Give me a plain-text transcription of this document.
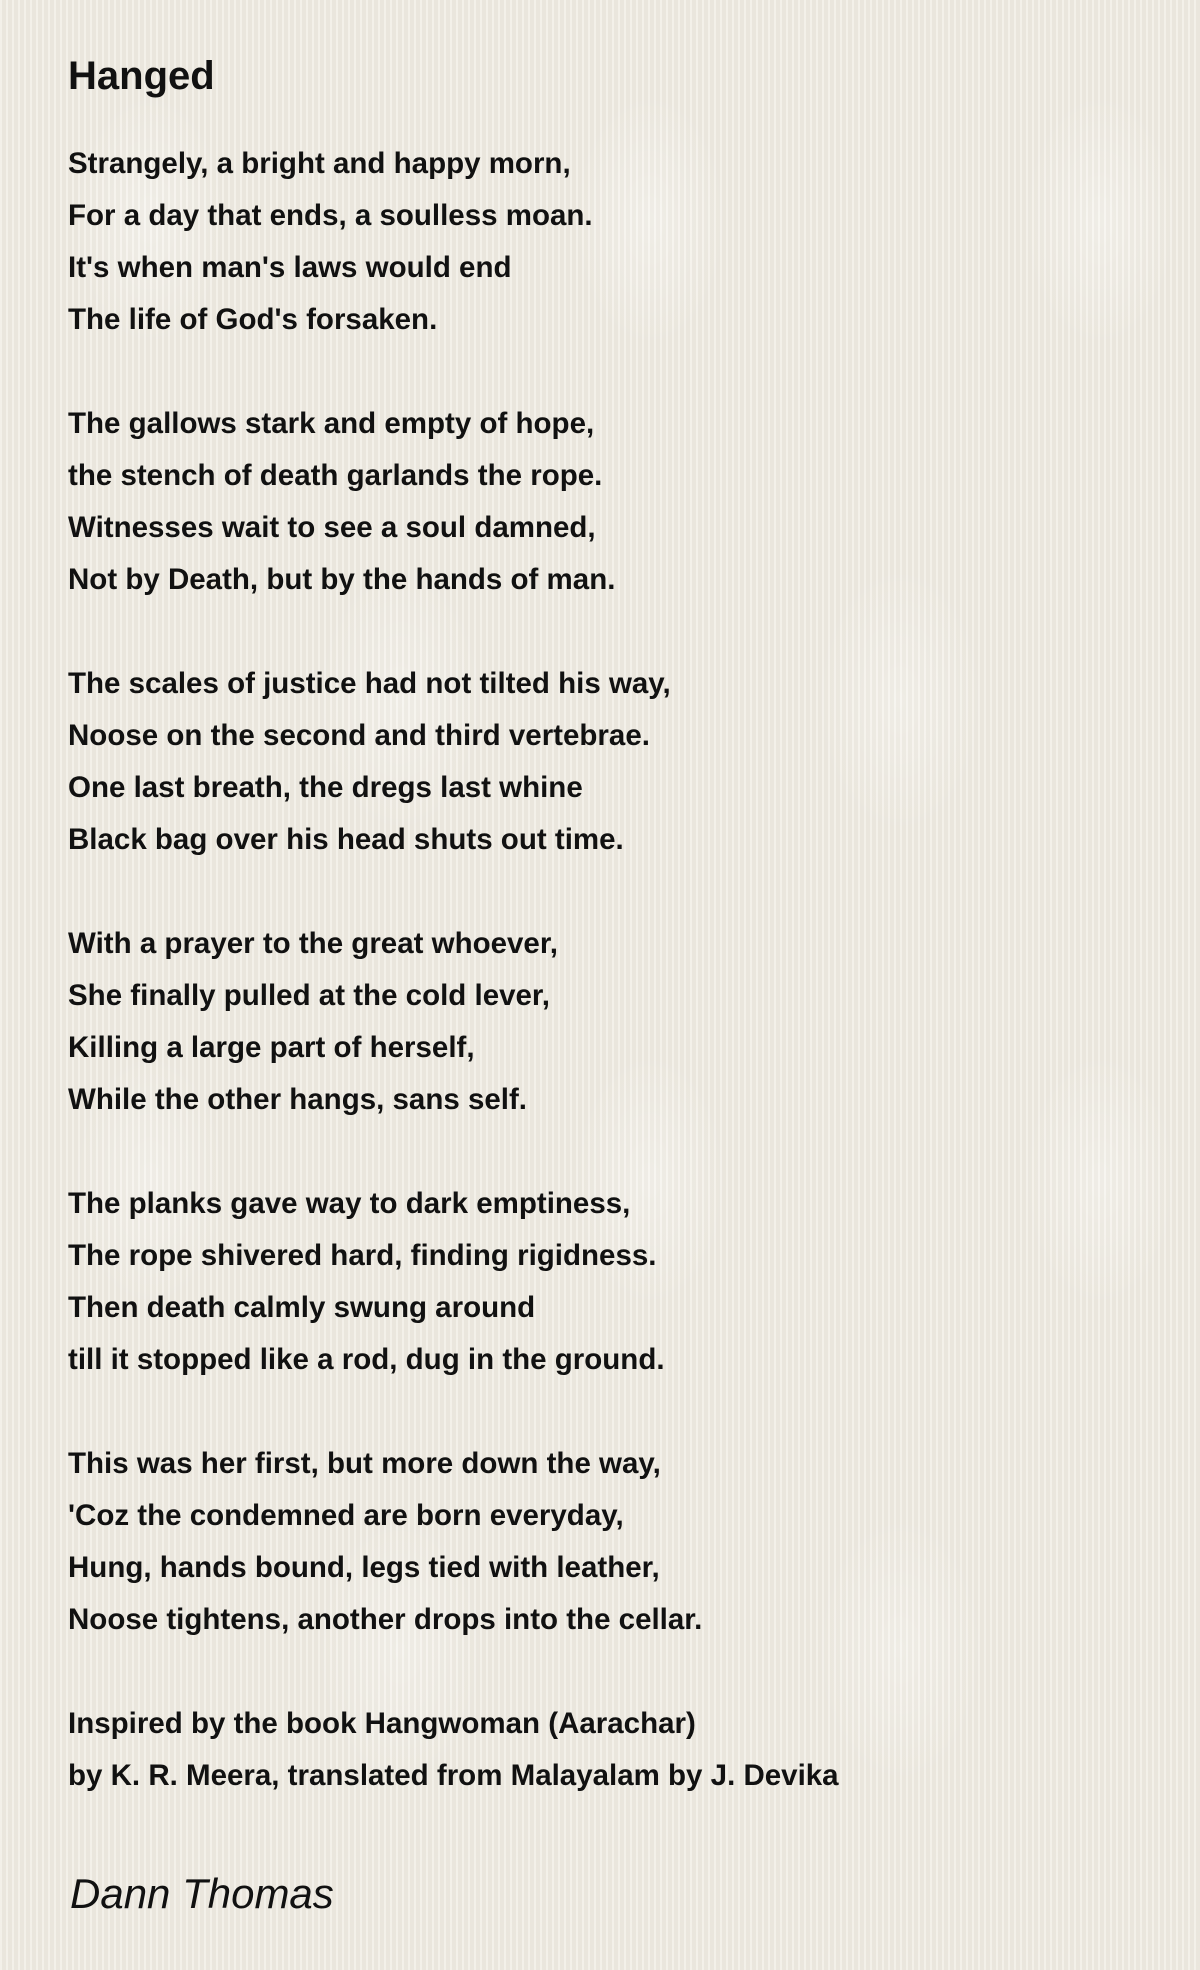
Hanged
Strangely, a bright and happy morn,
For a day that ends, a soulless moan.
It's when man's laws would end
The life of God's forsaken.
The gallows stark and empty of hope,
the stench of death garlands the rope.
Witnesses wait to see a soul damned,
Not by Death, but by the hands of man.
The scales of justice had not tilted his way,
Noose on the second and third vertebrae.
One last breath, the dregs last whine
Black bag over his head shuts out time.
With a prayer to the great whoever,
She finally pulled at the cold lever,
Killing a large part of herself,
While the other hangs, sans self.
The planks gave way to dark emptiness,
The rope shivered hard, finding rigidness.
Then death calmly swung around
till it stopped like a rod, dug in the ground.
This was her first, but more down the way,
'Coz the condemned are born everyday,
Hung, hands bound, legs tied with leather,
Noose tightens, another drops into the cellar.
Inspired by the book Hangwoman (Aarachar)
by K. R. Meera, translated from Malayalam by J. Devika
Dann Thomas
